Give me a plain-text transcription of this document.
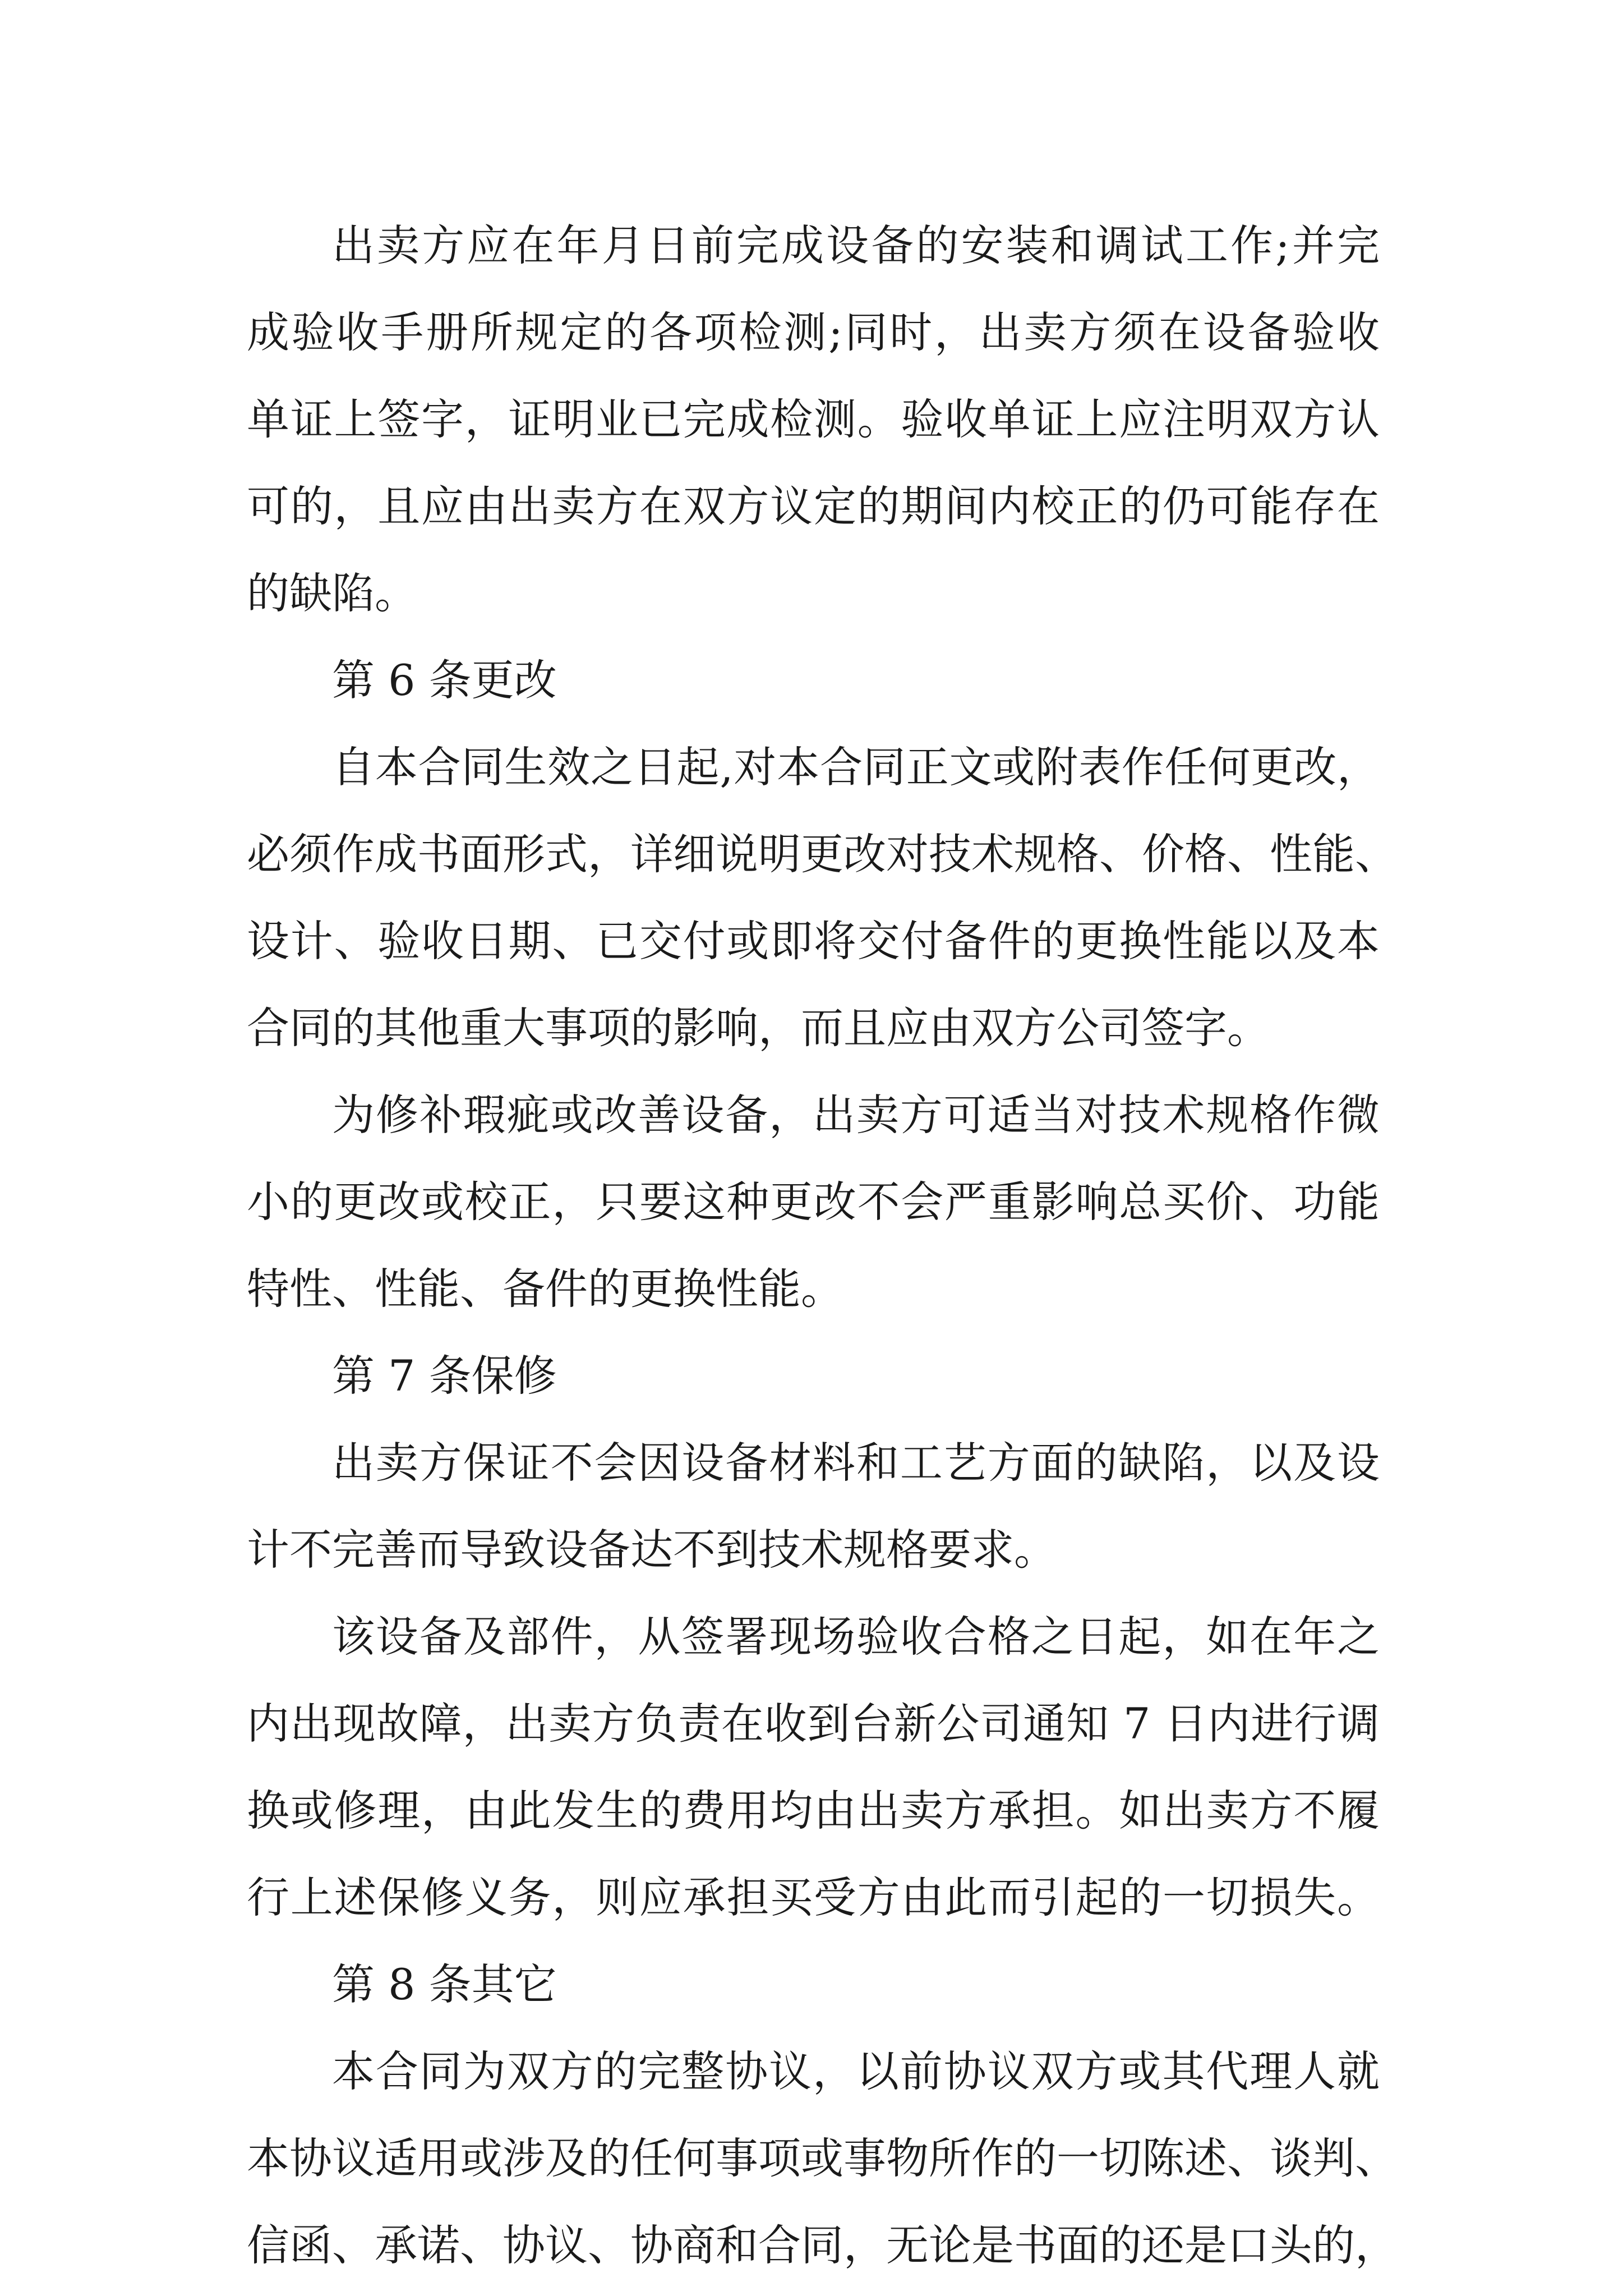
出卖方应在年月日前完成设备的安装和调试工作;并完
成验收手册所规定的各项检测;同时，出卖方须在设备验收
单证上签字，证明业已完成检测。验收单证上应注明双方认
可的，且应由出卖方在双方议定的期间内校正的仍可能存在
的缺陷。
第 6 条更改
自本合同生效之日起,对本合同正文或附表作任何更改，
必须作成书面形式，详细说明更改对技术规格、价格、性能、
设计、验收日期、已交付或即将交付备件的更换性能以及本
合同的其他重大事项的影响，而且应由双方公司签字。
为修补瑕疵或改善设备，出卖方可适当对技术规格作微
小的更改或校正，只要这种更改不会严重影响总买价、功能
特性、性能、备件的更换性能。
第 7 条保修
出卖方保证不会因设备材料和工艺方面的缺陷，以及设
计不完善而导致设备达不到技术规格要求。
该设备及部件，从签署现场验收合格之日起，如在年之
内出现故障，出卖方负责在收到台新公司通知 7 日内进行调
换或修理，由此发生的费用均由出卖方承担。如出卖方不履
行上述保修义务，则应承担买受方由此而引起的一切损失。
第 8 条其它
本合同为双方的完整协议，以前协议双方或其代理人就
本协议适用或涉及的任何事项或事物所作的一切陈述、谈判、
信函、承诺、协议、协商和合同，无论是书面的还是口头的，
